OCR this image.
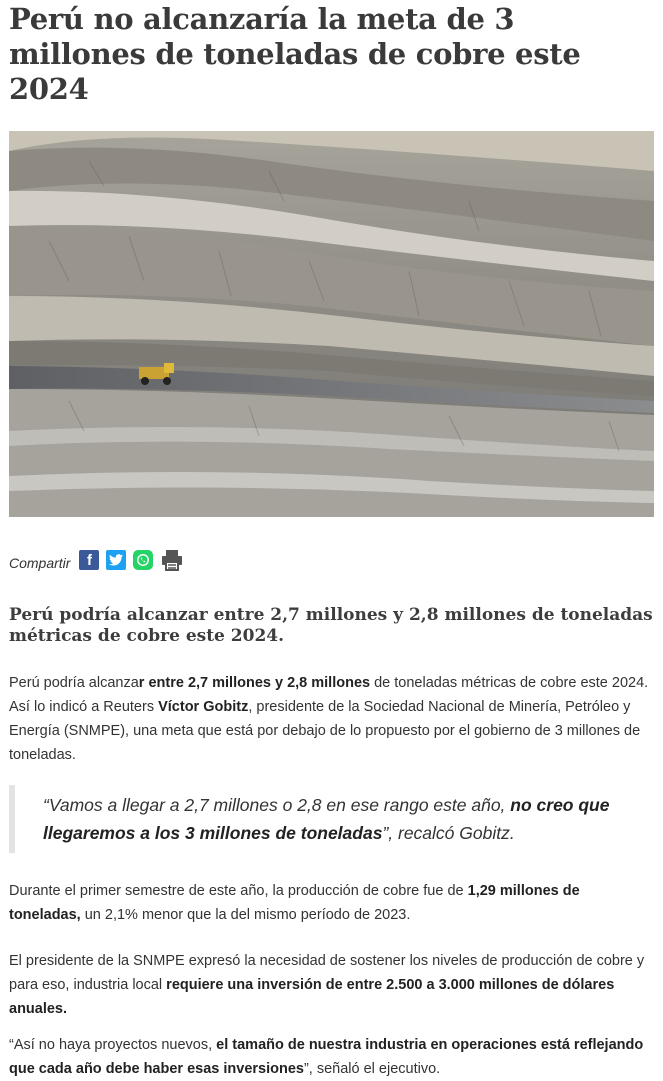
Perú no alcanzaría la meta de 3 millones de toneladas de cobre este 2024
Compartir	f
Perú podría alcanzar entre 2,7 millones y 2,8 millones de toneladas métricas de cobre este 2024.

Perú podría alcanzar entre 2,7 millones y 2,8 millones de toneladas métricas de cobre este 2024. Así lo indicó a Reuters Víctor Gobitz, presidente de la Sociedad Nacional de Minería, Petróleo y Energía (SNMPE), una meta que está por debajo de lo propuesto por el gobierno de 3 millones de toneladas.

“Vamos a llegar a 2,7 millones o 2,8 en ese rango este año, no creo que llegaremos a los 3 millones de toneladas”, recalcó Gobitz.

Durante el primer semestre de este año, la producción de cobre fue de 1,29 millones de toneladas, un 2,1% menor que la del mismo período de 2023.

El presidente de la SNMPE expresó la necesidad de sostener los niveles de producción de cobre y para eso, industria local requiere una inversión de entre 2.500 a 3.000 millones de dólares anuales.

“Así no haya proyectos nuevos, el tamaño de nuestra industria en operaciones está reflejando que cada año debe haber esas inversiones”, señaló el ejecutivo.
